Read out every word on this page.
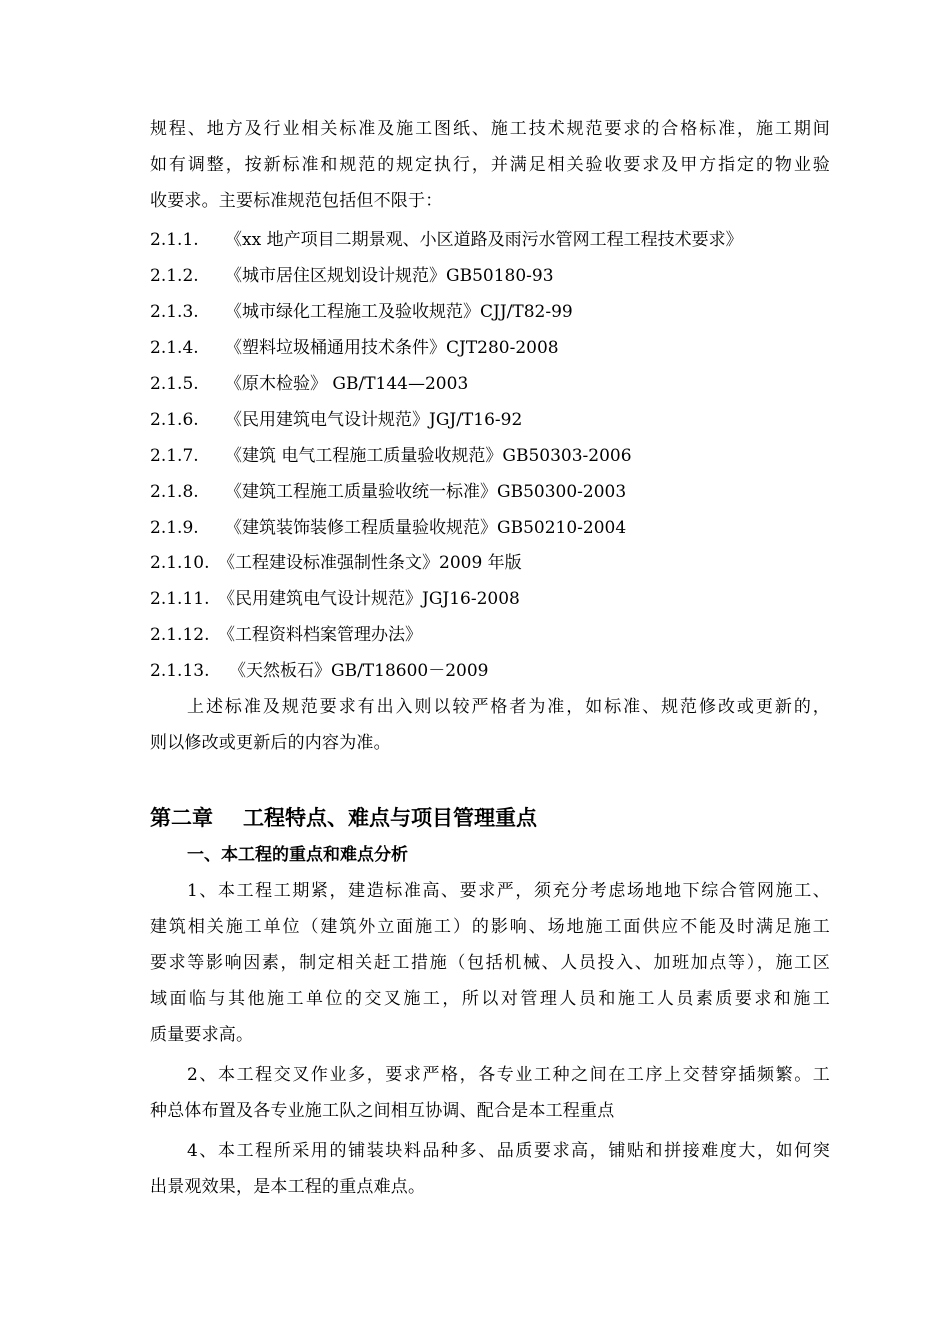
规程、地方及行业相关标准及施工图纸、施工技术规范要求的合格标准，施工期间
如有调整，按新标准和规范的规定执行，并满足相关验收要求及甲方指定的物业验
收要求。主要标准规范包括但不限于：
2.1.1. 《xx 地产项目二期景观、小区道路及雨污水管网工程工程技术要求》
2.1.2. 《城市居住区规划设计规范》GB50180-93
2.1.3. 《城市绿化工程施工及验收规范》CJJ/T82-99
2.1.4. 《塑料垃圾桶通用技术条件》CJT280-2008
2.1.5. 《原木检验》 GB/T144—2003
2.1.6. 《民用建筑电气设计规范》JGJ/T16-92
2.1.7. 《建筑 电气工程施工质量验收规范》GB50303-2006
2.1.8. 《建筑工程施工质量验收统一标准》GB50300-2003
2.1.9. 《建筑装饰装修工程质量验收规范》GB50210-2004
2.1.10. 《工程建设标准强制性条文》2009 年版
2.1.11. 《民用建筑电气设计规范》JGJ16-2008
2.1.12. 《工程资料档案管理办法》
2.1.13. 《天然板石》GB/T18600－2009
上述标准及规范要求有出入则以较严格者为准，如标准、规范修改或更新的，
则以修改或更新后的内容为准。
第二章 工程特点、难点与项目管理重点
一、本工程的重点和难点分析
1、本工程工期紧，建造标准高、要求严，须充分考虑场地地下综合管网施工、
建筑相关施工单位（建筑外立面施工）的影响、场地施工面供应不能及时满足施工
要求等影响因素，制定相关赶工措施（包括机械、人员投入、加班加点等），施工区
域面临与其他施工单位的交叉施工，所以对管理人员和施工人员素质要求和施工
质量要求高。
2、本工程交叉作业多，要求严格，各专业工种之间在工序上交替穿插频繁。工
种总体布置及各专业施工队之间相互协调、配合是本工程重点
4、本工程所采用的铺装块料品种多、品质要求高，铺贴和拼接难度大，如何突
出景观效果，是本工程的重点难点。
